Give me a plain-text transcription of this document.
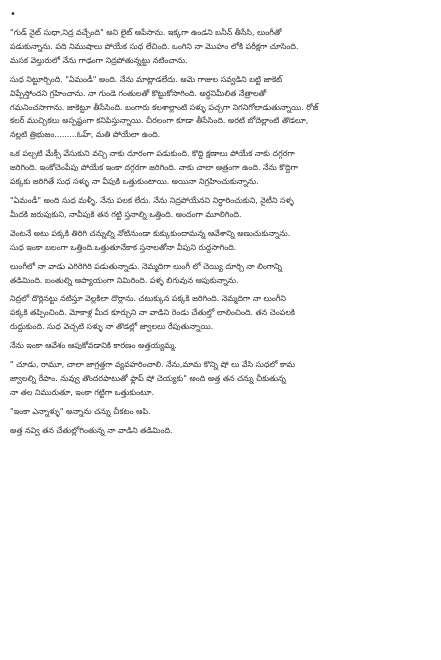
•

"గుడ్ నైట్ సుధా,నిద్ర వచ్చేంది" అని లైట్ ఆపేసాను. ఇక్కగా ఉండని బనీన్ తీసేసి, లుంగీతో
పడుకున్నాను. పది నిముషాలు పోయేక సుధ లేచింది. ఒంగిని నా మొహం లోకి పరీక్షగా చూసింది.
మసక వెల్తురులో నేను గాఢంగా నిద్రపోతున్నట్టు నటించాను.

సుధ నిట్టూర్చింది. "ఏమండీ" అంది. నేను మాట్లాడలేదు. అమె గాజుల సవ్వడిని బట్టి జాకెట్
విప్పేస్తోందని గ్రహించాను. నా గుండె గంతులతో కొట్టుకోసాగింది. అర్ధనిమీలిత నేత్రాలతో
గమనించసాగాను. జాకెట్టూ తీసేసింది. బంగారు కలశాల్లాంటి సళ్ళు పచ్చగా నిగనిగోలాడుతున్నాయి. రోజ్
కలర్ ముచ్చికలు అస్పష్టంగా కనిపిస్తున్నాయి. చీరలంగా కూడా తీసేసింది. అరటి బోదెల్లాంటి తొడలూ,
నల్లటి త్రిభుజం.........ఓహ్, మతి పోయేలా ఉంది.

ఒక పల్చటి మేక్సీ వేసుకుని వచ్చి నాకు దూరంగా పడుకుంది. కొద్ది క్షణాలు పోయేక నాకు దగ్గరగా
జరిగింది. ఇంకోచెంపేపు పోయేక ఇంకా దగ్గరగా జరిగింది. నాకు చాలా ఆత్రంగా ఉంది. నేను కొద్దిగా
పక్కకు జరిగితే సుధ సళ్ళు నా వీపుకి ఒత్తుకుంటాయి. అయినా నిగ్రహించుకున్నాను.

"ఏమండీ" అంది సుధ మళ్ళీ. నేను పలక లేదు. నేను నిద్రపోయేనని నిర్ధారించుకుని, నైటీని సళ్ళ
మీదకి జరుపుకుని, నావీపుకి తన గట్టి స్తనాల్ని ఒత్తింది. అందంగా మూలిగింది.

వెంటనే అటు పక్కకి తిరిగి చన్నుల్ని నోటినుండా కుక్కుకుందామన్న ఆవేశాన్ని అణుచుకున్నాను.
సుధ ఇంకా బలంగా ఒత్తింది.ఒత్తుతూనేకాక స్తనాలతోనా వీపుని రుద్దసాగింది.

లుంగీలో నా వాడు ఎగిరెగిరి పడుతున్నాడు. నెమ్మదిగా లుంగీ లో చెయ్యి దూర్చి నా లింగాన్ని
తడిమింది. బంతుల్ని ఆప్యాయంగా నిమిరింది. పళ్ళ బిగువున ఆపుకున్నాను.

నిద్రలో దొర్లినట్టు నటిస్తూ వెల్లకిలా దొర్లాను. చటుక్కున పక్కకి జరిగింది. నెమ్మదిగా నా లుంగీని
పక్కకి తప్పించింది. మోకాళ్ల మీద కూర్చుని నా వాడిని రెండు చేతుల్తో లాలించింది. తన చెంపలకి
రుద్దుకుంది. సుధ వెచ్చటి సళ్ళు నా తొడల్లో జ్వాలలు రేపుతున్నాయి.

నేను ఇంకా ఆవేశం ఆపుకోవడానికి కారణం అత్తయ్యమ్మ.

" చూడు, రామూ, చాలా జాగ్రత్తగా వ్యవహరించాలి. నేను,మామ కొన్ని షో లు వేసి సుధలో కామ
జ్వాలల్ని రేపాం. నువ్వు తొందరపాటుతో ఫ్లాప్ షో చెయ్యకు" అంది అత్త తన చన్ను చీకుతున్న
నా తల నిమురుతూ, ఇంకా గట్టిగా ఒత్తుకుంటూ.

"ఇంకా ఎన్నాళ్ళు" అన్నాను చన్ను చీకటం ఆపి.

అత్త నవ్వి తన చేతుల్లోగింతున్న నా వాడిని తడిమింది.
